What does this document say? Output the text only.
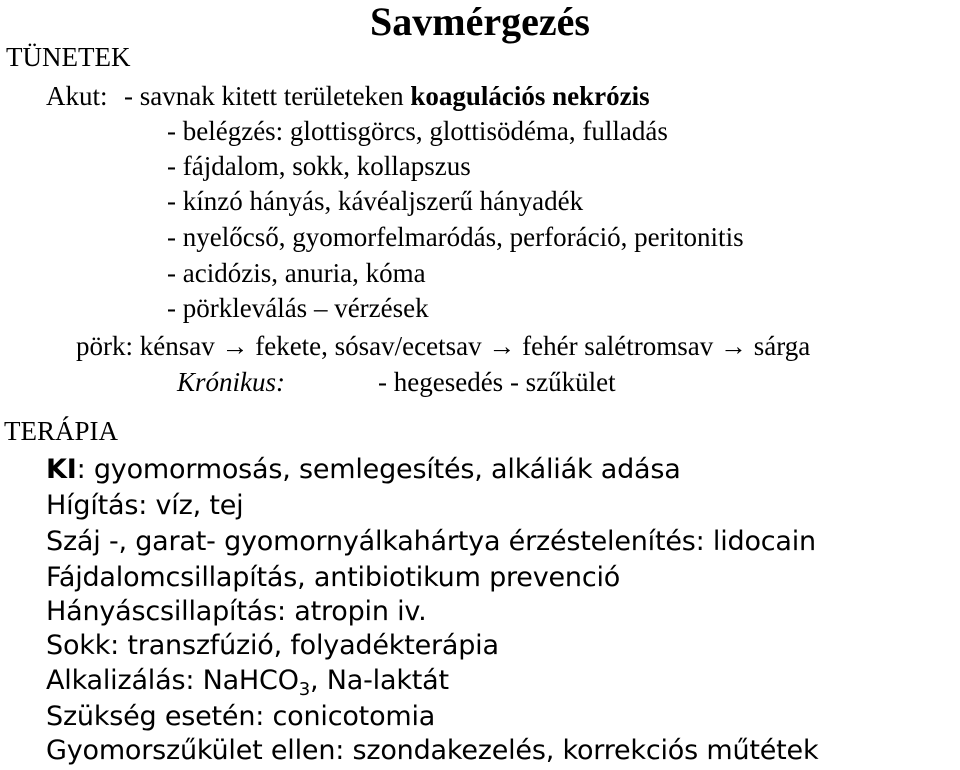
Savmérgezés
TÜNETEK
Akut: - savnak kitett területeken koagulációs nekrózis
- belégzés: glottisgörcs, glottisödéma, fulladás
- fájdalom, sokk, kollapszus
- kínzó hányás, kávéaljszerű hányadék
- nyelőcső, gyomorfelmaródás, perforáció, peritonitis
- acidózis, anuria, kóma
- pörkleválás – vérzések
pörk: kénsav → fekete, sósav/ecetsav → fehér salétromsav → sárga
Krónikus:	- hegesedés - szűkület
TERÁPIA
KI: gyomormosás, semlegesítés, alkáliák adása
Hígítás: víz, tej
Száj -, garat- gyomornyálkahártya érzéstelenítés: lidocain
Fájdalomcsillapítás, antibiotikum prevenció
Hányáscsillapítás: atropin iv.
Sokk: transzfúzió, folyadékterápia
Alkalizálás: NaHCO$_3$, Na-laktát
Szükség esetén: conicotomia
Gyomorszűkület ellen: szondakezelés, korrekciós műtétek
